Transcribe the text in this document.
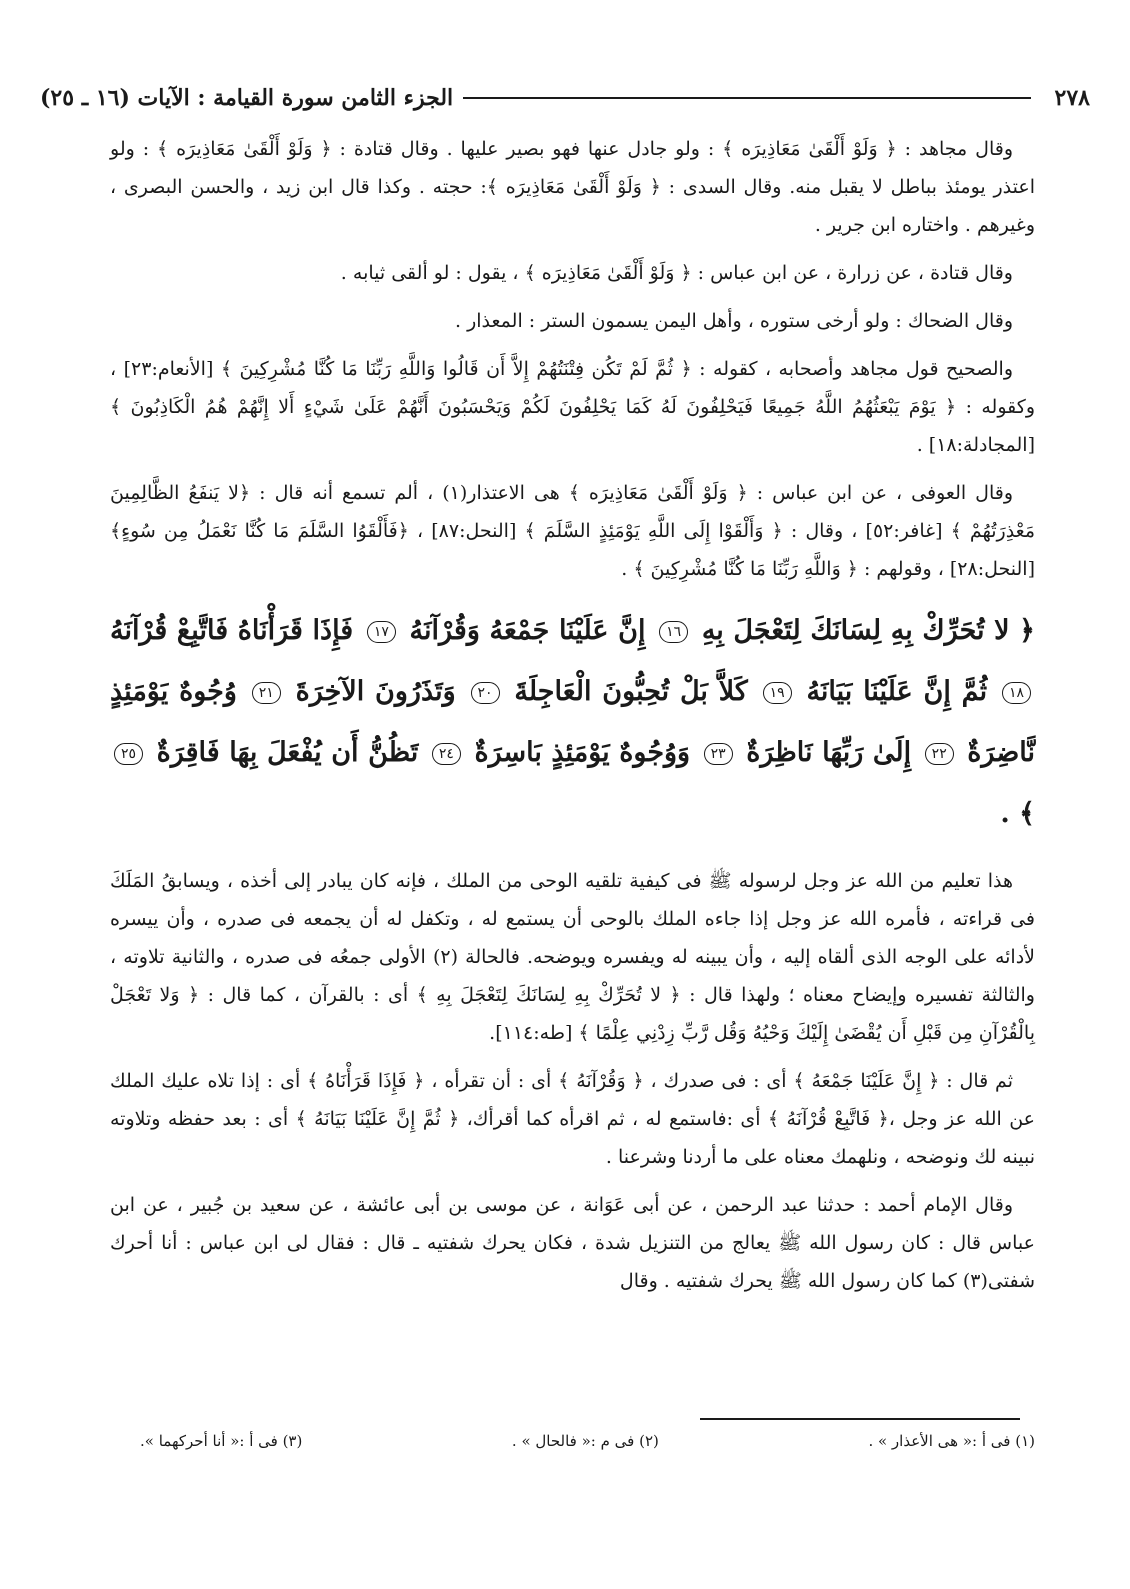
٢٧٨
الجزء الثامن سورة القيامة : الآيات (١٦ ـ ٢٥)

وقال مجاهد : ﴿ وَلَوْ أَلْقَىٰ مَعَاذِيرَه ﴾ : ولو جادل عنها فهو بصير عليها . وقال قتادة : ﴿ وَلَوْ أَلْقَىٰ مَعَاذِيرَه ﴾ : ولو اعتذر يومئذ بباطل لا يقبل منه. وقال السدى : ﴿ وَلَوْ أَلْقَىٰ مَعَاذِيرَه ﴾: حجته . وكذا قال ابن زيد ، والحسن البصرى ، وغيرهم . واختاره ابن جرير .

وقال قتادة ، عن زرارة ، عن ابن عباس : ﴿ وَلَوْ أَلْقَىٰ مَعَاذِيرَه ﴾ ، يقول : لو ألقى ثيابه .

وقال الضحاك : ولو أرخى ستوره ، وأهل اليمن يسمون الستر : المعذار .

والصحيح قول مجاهد وأصحابه ، كقوله : ﴿ ثُمَّ لَمْ تَكُن فِتْنَتُهُمْ إِلاَّ أَن قَالُوا وَاللَّهِ رَبِّنَا مَا كُنَّا مُشْرِكِينَ ﴾ [الأنعام:٢٣] ، وكقوله : ﴿ يَوْمَ يَبْعَثُهُمُ اللَّهُ جَمِيعًا فَيَحْلِفُونَ لَهُ كَمَا يَحْلِفُونَ لَكُمْ وَيَحْسَبُونَ أَنَّهُمْ عَلَىٰ شَيْءٍ أَلا إِنَّهُمْ هُمُ الْكَاذِبُونَ ﴾ [المجادلة:١٨] .

وقال العوفى ، عن ابن عباس : ﴿ وَلَوْ أَلْقَىٰ مَعَاذِيرَه ﴾ هى الاعتذار(١) ، ألم تسمع أنه قال : ﴿لا يَنفَعُ الظَّالِمِينَ مَعْذِرَتُهُمْ ﴾ [غافر:٥٢] ، وقال : ﴿ وَأَلْقَوْا إِلَى اللَّهِ يَوْمَئِذٍ السَّلَمَ ﴾ [النحل:٨٧] ، ﴿فَأَلْقَوُا السَّلَمَ مَا كُنَّا نَعْمَلُ مِن سُوءٍ﴾ [النحل:٢٨] ، وقولهم : ﴿ وَاللَّهِ رَبِّنَا مَا كُنَّا مُشْرِكِينَ ﴾ .

﴿ لا تُحَرِّكْ بِهِ لِسَانَكَ لِتَعْجَلَ بِهِ ١٦ إِنَّ عَلَيْنَا جَمْعَهُ وَقُرْآنَهُ ١٧ فَإِذَا قَرَأْنَاهُ فَاتَّبِعْ قُرْآنَهُ ١٨ ثُمَّ إِنَّ عَلَيْنَا بَيَانَهُ ١٩ كَلاَّ بَلْ تُحِبُّونَ الْعَاجِلَةَ ٢٠ وَتَذَرُونَ الآخِرَةَ ٢١ وُجُوهٌ يَوْمَئِذٍ نَّاضِرَةٌ ٢٢ إِلَىٰ رَبِّهَا نَاظِرَةٌ ٢٣ وَوُجُوهٌ يَوْمَئِذٍ بَاسِرَةٌ ٢٤ تَظُنُّ أَن يُفْعَلَ بِهَا فَاقِرَةٌ ٢٥ ﴾ .

هذا تعليم من الله عز وجل لرسوله ﷺ فى كيفية تلقيه الوحى من الملك ، فإنه كان يبادر إلى أخذه ، ويسابقُ المَلَكَ فى قراءته ، فأمره الله عز وجل إذا جاءه الملك بالوحى أن يستمع له ، وتكفل له أن يجمعه فى صدره ، وأن ييسره لأدائه على الوجه الذى ألقاه إليه ، وأن يبينه له ويفسره ويوضحه. فالحالة (٢) الأولى جمعُه فى صدره ، والثانية تلاوته ، والثالثة تفسيره وإيضاح معناه ؛ ولهذا قال : ﴿ لا تُحَرِّكْ بِهِ لِسَانَكَ لِتَعْجَلَ بِهِ ﴾ أى : بالقرآن ، كما قال : ﴿ وَلا تَعْجَلْ بِالْقُرْآنِ مِن قَبْلِ أَن يُقْضَىٰ إِلَيْكَ وَحْيُهُ وَقُل رَّبِّ زِدْنِي عِلْمًا ﴾ [طه:١١٤].

ثم قال : ﴿ إِنَّ عَلَيْنَا جَمْعَهُ ﴾ أى : فى صدرك ، ﴿ وَقُرْآنَهُ ﴾ أى : أن تقرأه ، ﴿ فَإِذَا قَرَأْنَاهُ ﴾ أى : إذا تلاه عليك الملك عن الله عز وجل ،﴿ فَاتَّبِعْ قُرْآنَهُ ﴾ أى :فاستمع له ، ثم اقرأه كما أقرأك، ﴿ ثُمَّ إِنَّ عَلَيْنَا بَيَانَهُ ﴾ أى : بعد حفظه وتلاوته نبينه لك ونوضحه ، ونلهمك معناه على ما أردنا وشرعنا .

وقال الإمام أحمد : حدثنا عبد الرحمن ، عن أبى عَوَانة ، عن موسى بن أبى عائشة ، عن سعيد بن جُبير ، عن ابن عباس قال : كان رسول الله ﷺ يعالج من التنزيل شدة ، فكان يحرك شفتيه ـ قال : فقال لى ابن عباس : أنا أحرك شفتى(٣) كما كان رسول الله ﷺ يحرك شفتيه . وقال

(١) فى أ :« هى الأعذار » .
(٢) فى م :« فالحال » .
(٣) فى أ :« أنا أحركهما ».
